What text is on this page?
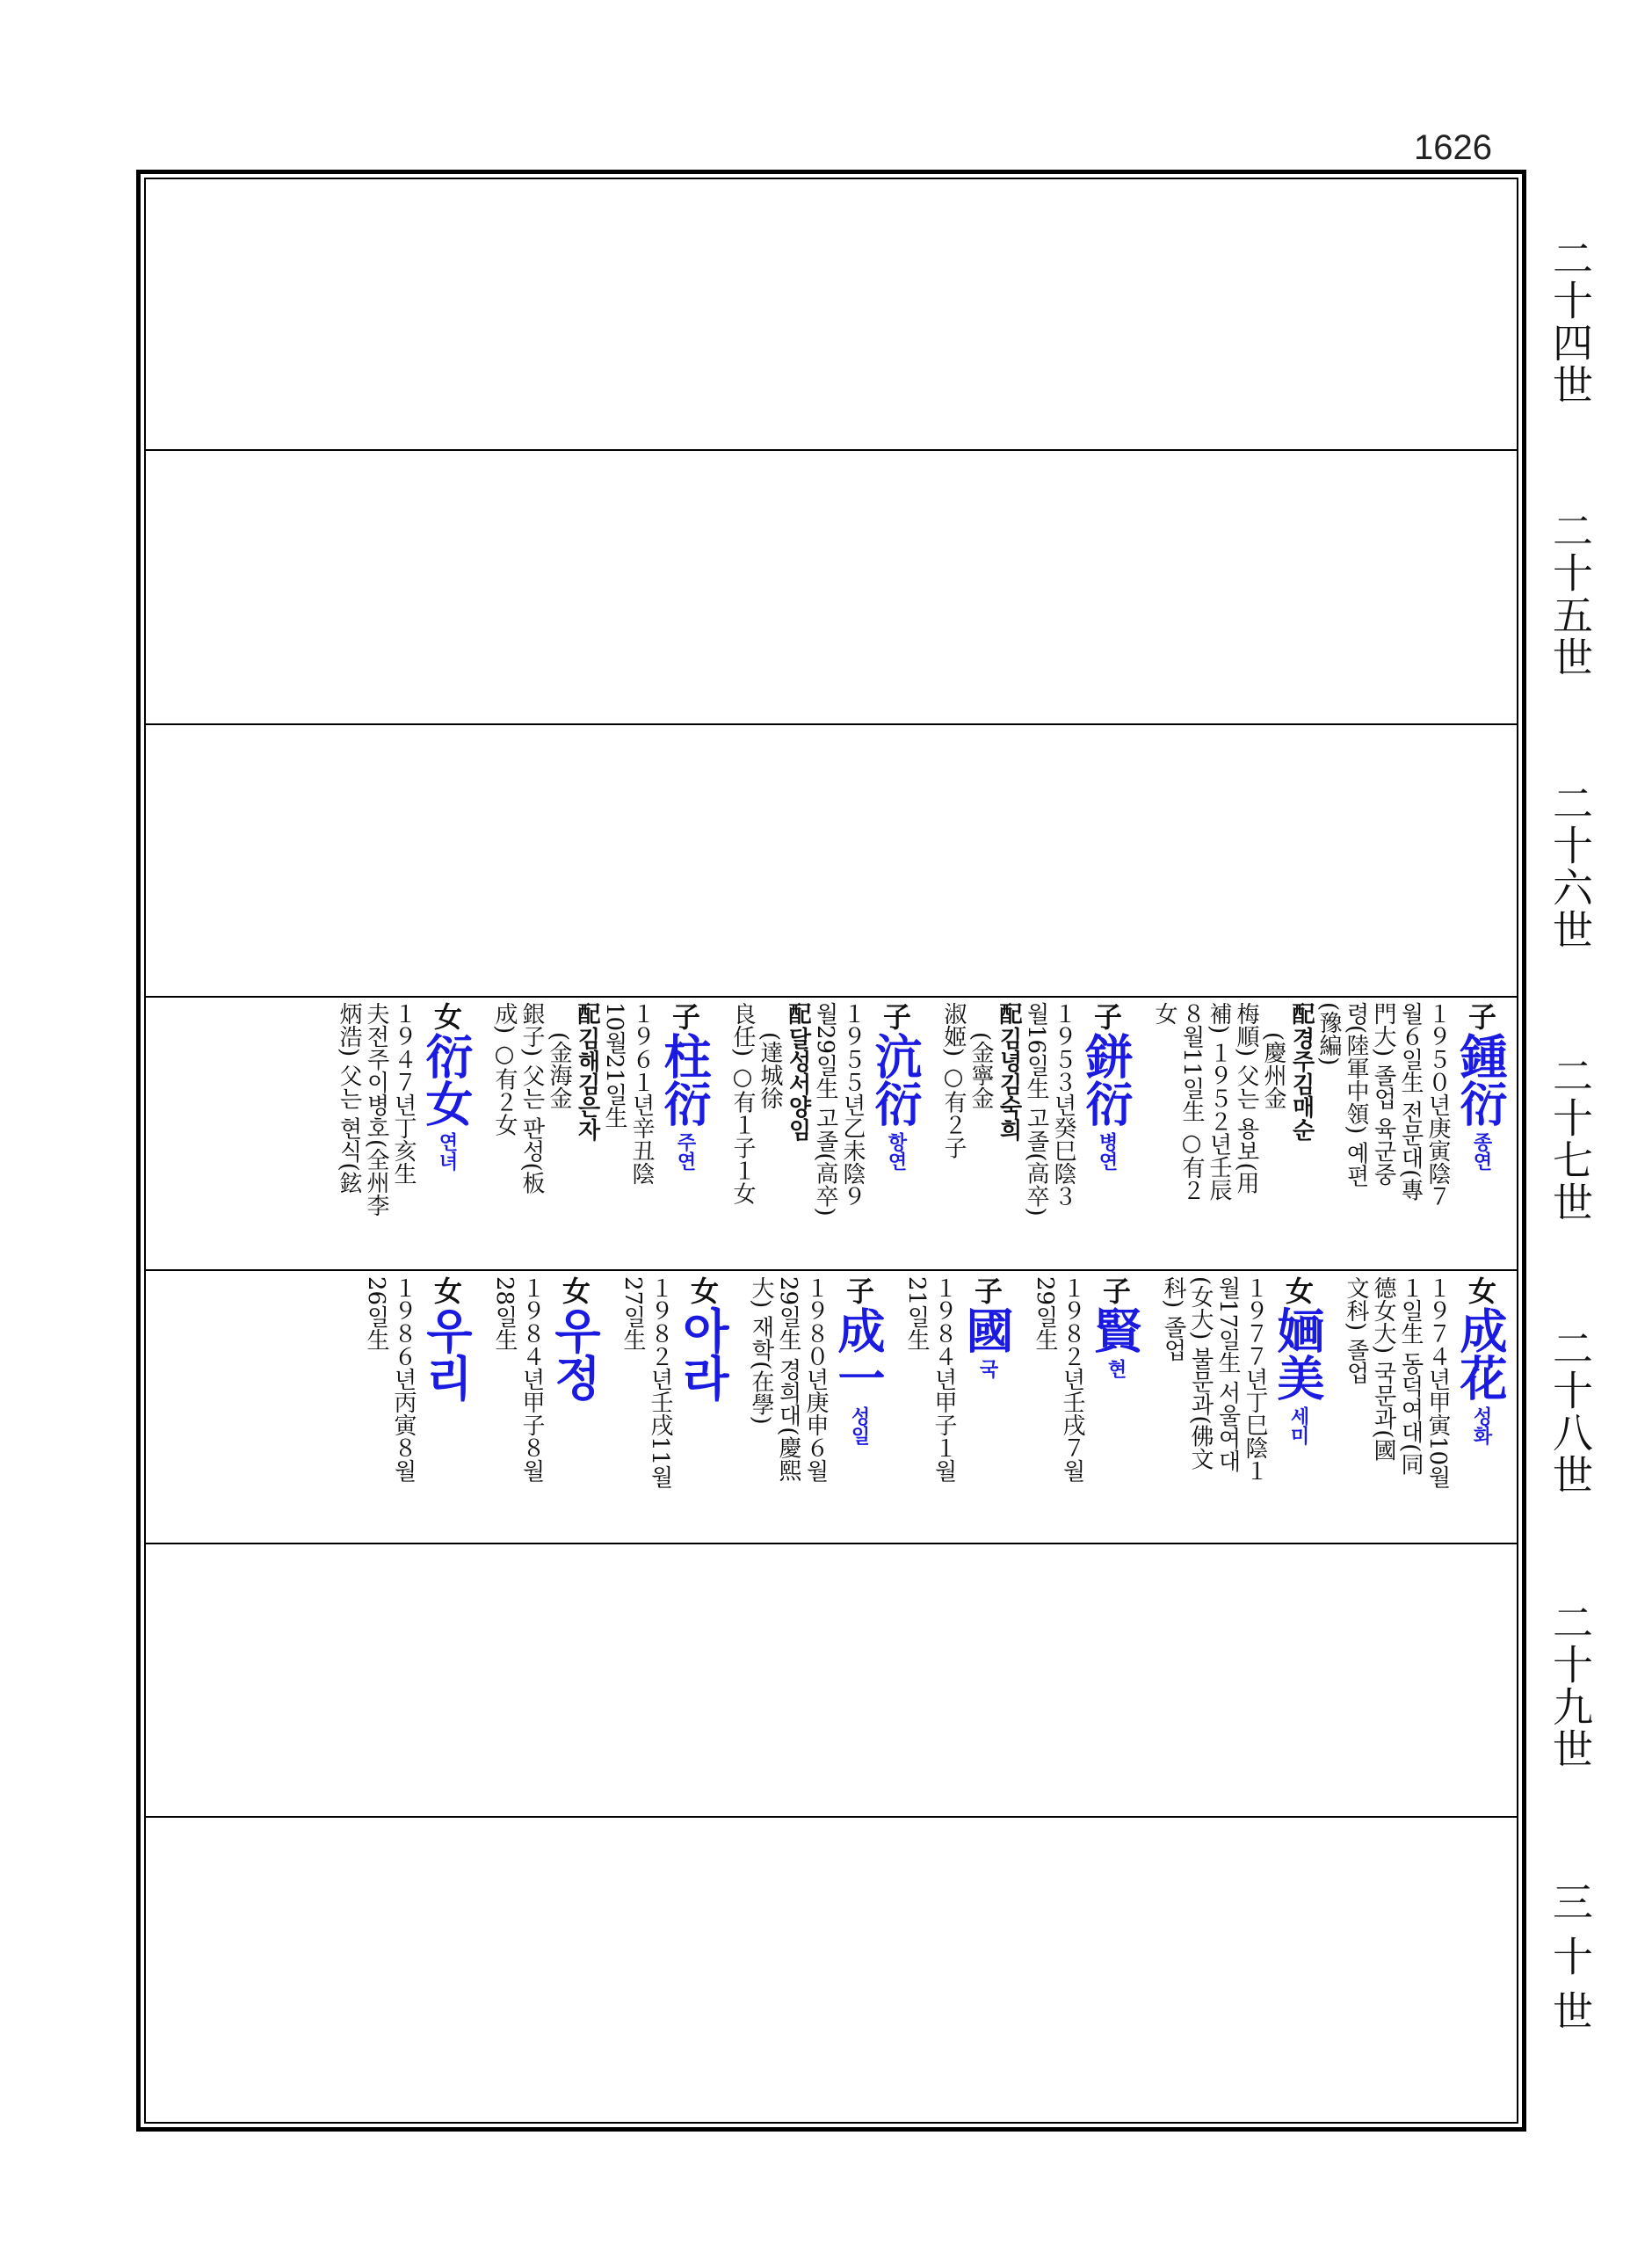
1626
二十四世
二十五世
二十六世
二十七世
二十八世
二十九世
三十世
子
鍾衍
종연
１９５０년庚寅陰７
월６일生 전문대(專
門大) 졸업 육군중
령(陸軍中領) 예편
(豫編)
配
경주김매순
(慶州金
梅順) 父는 용보(用
補) １９５２년壬辰
８월11일生 ○有２
女
子
鉼衍
병연
１９５３년癸巳陰３
월16일生 고졸(高卒)
配
김녕김숙희
(金寧金
淑姬) ○有２子
子
沆衍
항연
１９５５년乙未陰９
월29일生 고졸(高卒)
配
달성서양임
(達城徐
良任) ○有１子１女
子
柱衍
주연
１９６１년辛丑陰
10월21일生
配
김해김은자
(金海金
銀子) 父는 판성(板
成) ○有２女
女
衍女
연녀
１９４７년丁亥生
夫전주이병호(全州李
炳浩) 父는 현식(鉉
女
成花
성화
１９７４년甲寅10월
１일生 동덕여대(同
德女大) 국문과(國
文科) 졸업
女
婳美
세미
１９７７년丁巳陰１
월17일生 서울여대
(女大) 불문과(佛文
科) 졸업
子
賢
현
１９８２년壬戌７월
29일生
子
國
국
１９８４년甲子１월
21일生
子
成一
성일
１９８０년庚申６월
29일生 경희대(慶熙
大) 재학(在學)
女
아라
１９８２년壬戌11월
27일生
女
우정
１９８４년甲子８월
28일生
女
우리
１９８６년丙寅８월
26일生
